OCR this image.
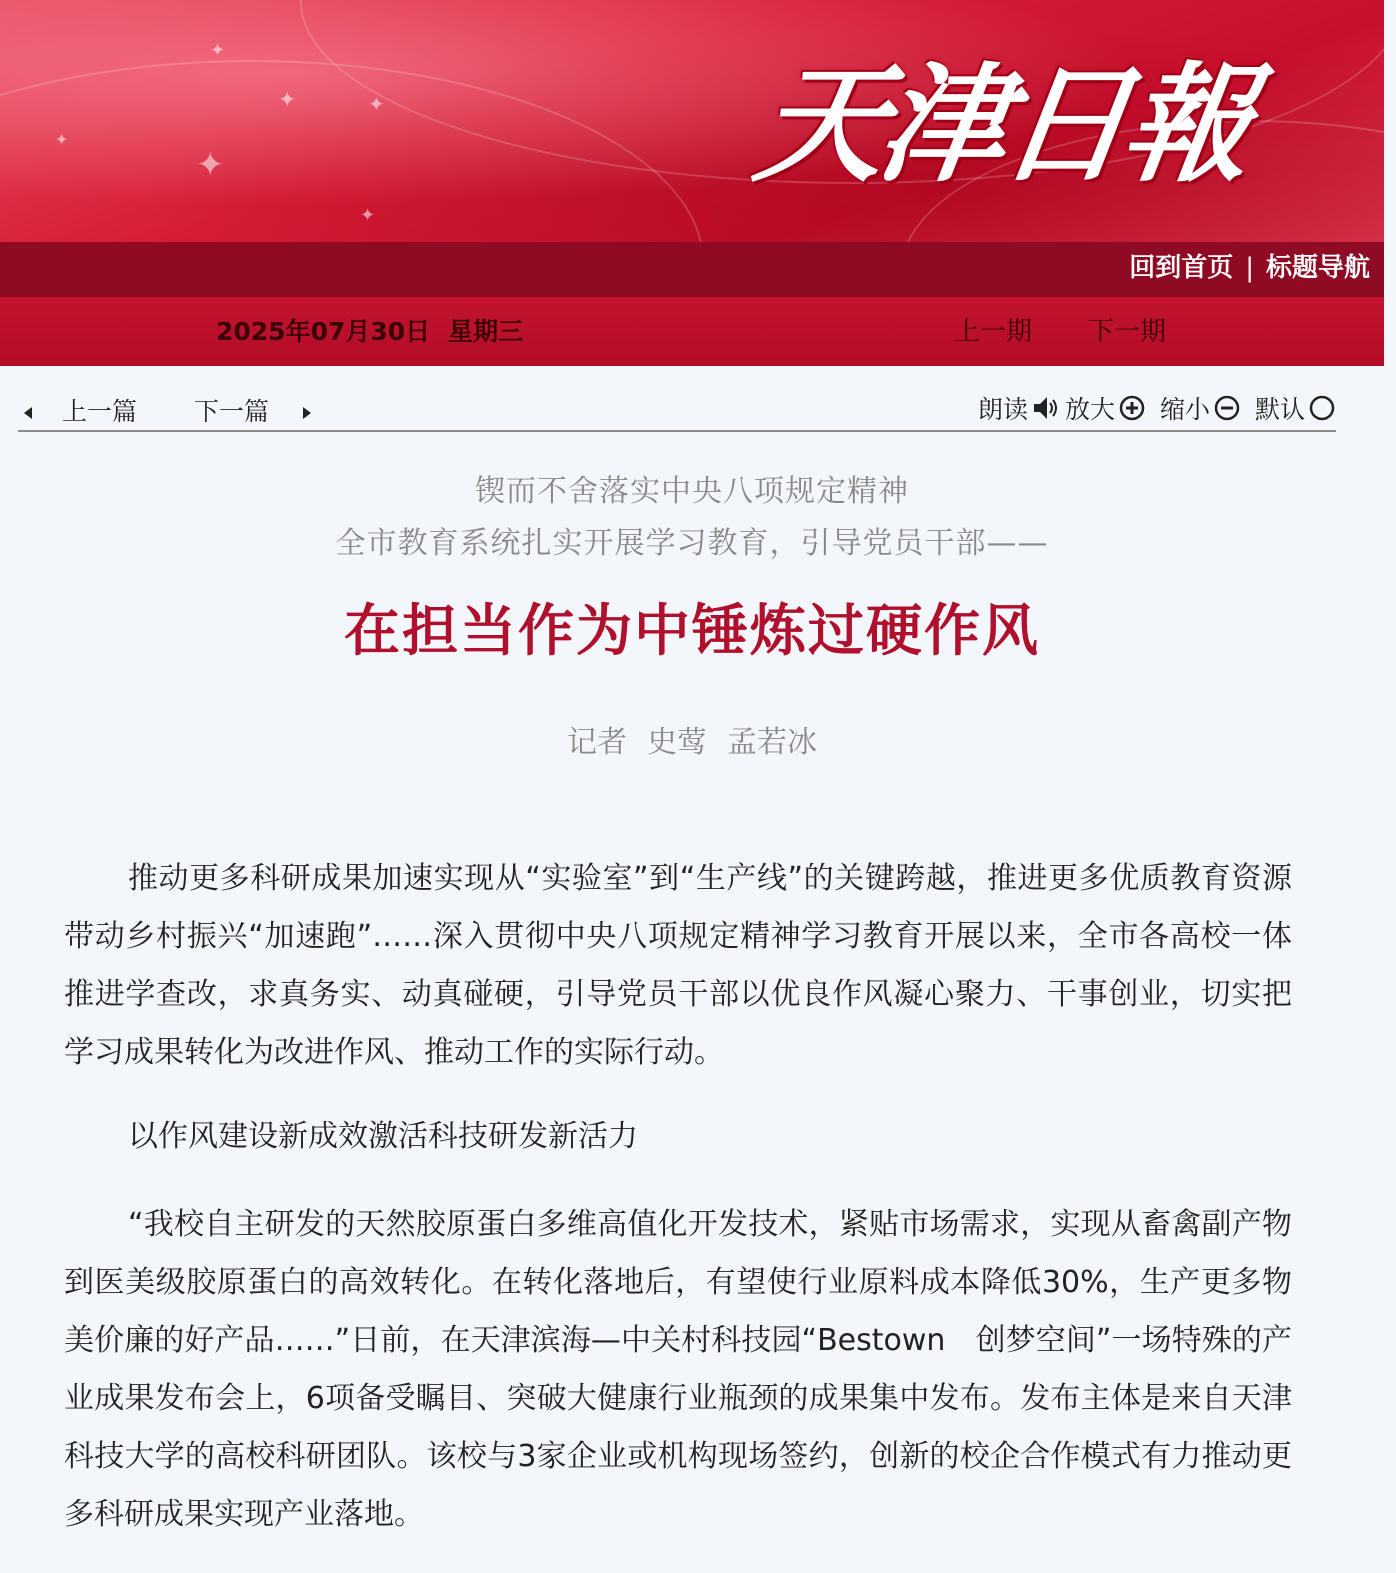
✦
✦	✦
✦
✦
✦	天津日報
回到首页 | 标题导航
2025年07月30日 星期三	上一期 下一期
上一篇 下一篇	朗读 放大 缩小 默认

锲而不舍落实中央八项规定精神

全市教育系统扎实开展学习教育，引导党员干部——

在担当作为中锤炼过硬作风

记者 史莺 孟若冰

推动更多科研成果加速实现从“实验室”到“生产线”的关键跨越，推进更多优质教育资源带动乡村振兴“加速跑”……深入贯彻中央八项规定精神学习教育开展以来，全市各高校一体推进学查改，求真务实、动真碰硬，引导党员干部以优良作风凝心聚力、干事创业，切实把学习成果转化为改进作风、推动工作的实际行动。

以作风建设新成效激活科技研发新活力

“我校自主研发的天然胶原蛋白多维高值化开发技术，紧贴市场需求，实现从畜禽副产物到医美级胶原蛋白的高效转化。在转化落地后，有望使行业原料成本降低30%，生产更多物美价廉的好产品……”日前，在天津滨海—中关村科技园“Bestown　创梦空间”一场特殊的产业成果发布会上，6项备受瞩目、突破大健康行业瓶颈的成果集中发布。发布主体是来自天津科技大学的高校科研团队。该校与3家企业或机构现场签约，创新的校企合作模式有力推动更多科研成果实现产业落地。
